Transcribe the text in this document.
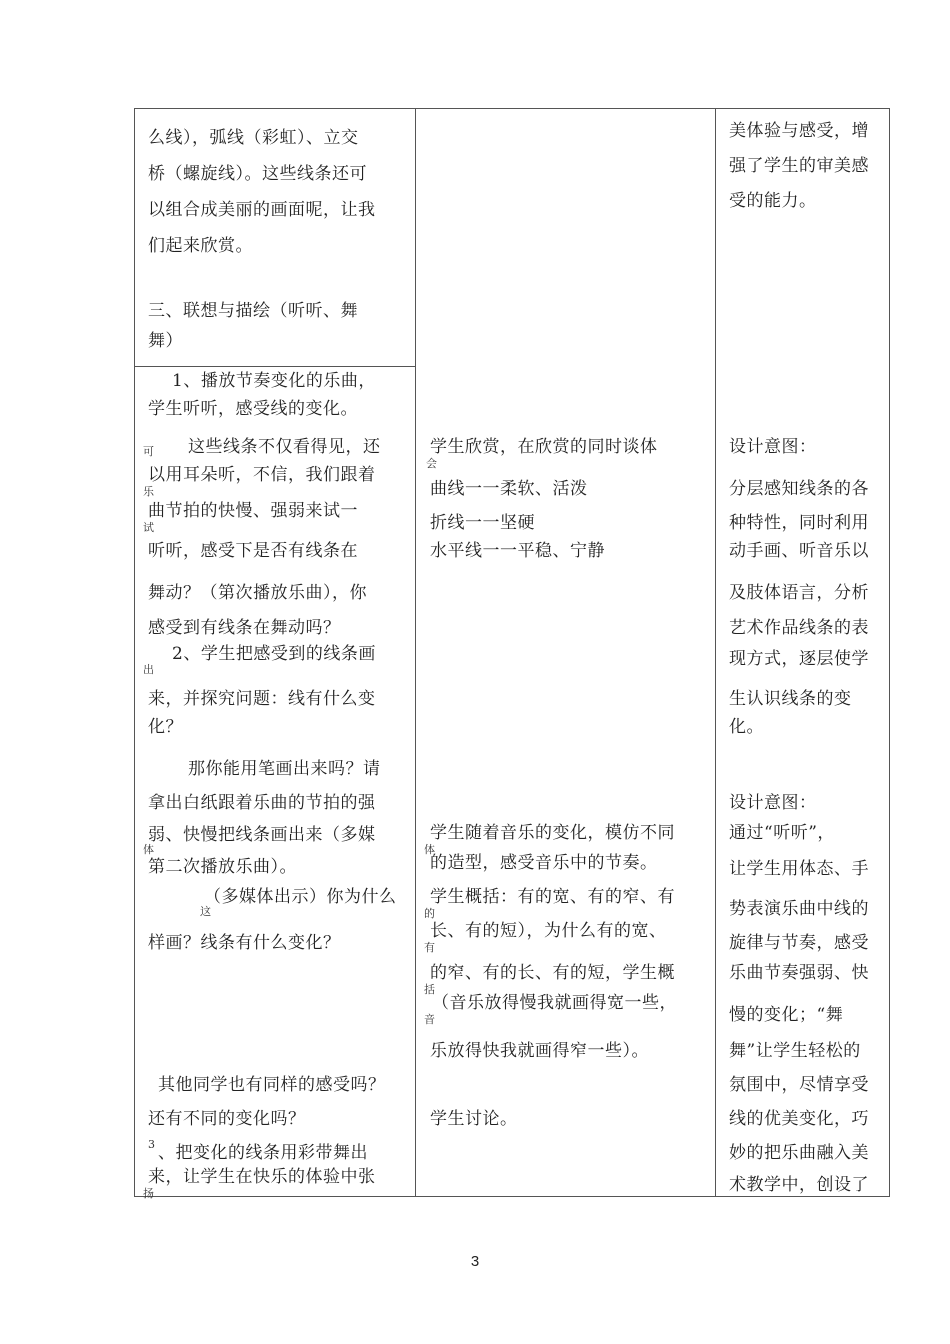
么线），弧线（彩虹）、立交
桥（螺旋线）。这些线条还可
以组合成美丽的画面呢，让我
们起来欣赏。
三、联想与描绘（听听、舞
舞）
1、播放节奏变化的乐曲，
学生听听，感受线的变化。
这些线条不仅看得见，还
可
以用耳朵听，不信，我们跟着
乐
曲节拍的快慢、强弱来试一
试
听听，感受下是否有线条在
舞动？（第次播放乐曲），你
感受到有线条在舞动吗？
2、学生把感受到的线条画
出
来，并探究问题：线有什么变
化？
那你能用笔画出来吗？请
拿出白纸跟着乐曲的节拍的强
弱、快慢把线条画出来（多媒
体
第二次播放乐曲）。
（多媒体出示）你为什么
这
样画？线条有什么变化？
其他同学也有同样的感受吗？
还有不同的变化吗？
3 、把变化的线条用彩带舞出
来，让学生在快乐的体验中张
扬
学生欣赏，在欣赏的同时谈体
会
曲线一一柔软、活泼
折线一一坚硬
水平线一一平稳、宁静
学生随着音乐的变化，模仿不同
体
的造型，感受音乐中的节奏。
学生概括：有的宽、有的窄、有
的
长、有的短），为什么有的宽、
有
的窄、有的长、有的短，学生概
括
（音乐放得慢我就画得宽一些，
音
乐放得快我就画得窄一些）。
学生讨论。
美体验与感受，增
强了学生的审美感
受的能力。
设计意图：
分层感知线条的各
种特性，同时利用
动手画、听音乐以
及肢体语言，分析
艺术作品线条的表
现方式，逐层使学
生认识线条的变
化。
设计意图：
通过“听听”，
让学生用体态、手
势表演乐曲中线的
旋律与节奏，感受
乐曲节奏强弱、快
慢的变化；“舞
舞”让学生轻松的
氛围中，尽情享受
线的优美变化，巧
妙的把乐曲融入美
术教学中，创设了
3
